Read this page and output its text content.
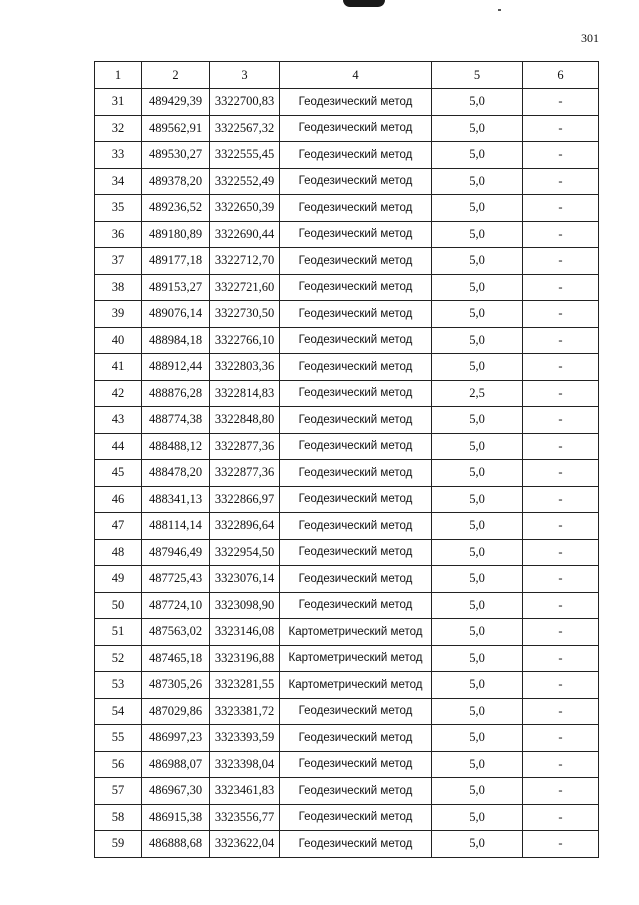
301
1	2	3	4	5	6
31	489429,39	3322700,83	Геодезический метод	5,0	-
32	489562,91	3322567,32	Геодезический метод	5,0	-
33	489530,27	3322555,45	Геодезический метод	5,0	-
34	489378,20	3322552,49	Геодезический метод	5,0	-
35	489236,52	3322650,39	Геодезический метод	5,0	-
36	489180,89	3322690,44	Геодезический метод	5,0	-
37	489177,18	3322712,70	Геодезический метод	5,0	-
38	489153,27	3322721,60	Геодезический метод	5,0	-
39	489076,14	3322730,50	Геодезический метод	5,0	-
40	488984,18	3322766,10	Геодезический метод	5,0	-
41	488912,44	3322803,36	Геодезический метод	5,0	-
42	488876,28	3322814,83	Геодезический метод	2,5	-
43	488774,38	3322848,80	Геодезический метод	5,0	-
44	488488,12	3322877,36	Геодезический метод	5,0	-
45	488478,20	3322877,36	Геодезический метод	5,0	-
46	488341,13	3322866,97	Геодезический метод	5,0	-
47	488114,14	3322896,64	Геодезический метод	5,0	-
48	487946,49	3322954,50	Геодезический метод	5,0	-
49	487725,43	3323076,14	Геодезический метод	5,0	-
50	487724,10	3323098,90	Геодезический метод	5,0	-
51	487563,02	3323146,08	Картометрический метод	5,0	-
52	487465,18	3323196,88	Картометрический метод	5,0	-
53	487305,26	3323281,55	Картометрический метод	5,0	-
54	487029,86	3323381,72	Геодезический метод	5,0	-
55	486997,23	3323393,59	Геодезический метод	5,0	-
56	486988,07	3323398,04	Геодезический метод	5,0	-
57	486967,30	3323461,83	Геодезический метод	5,0	-
58	486915,38	3323556,77	Геодезический метод	5,0	-
59	486888,68	3323622,04	Геодезический метод	5,0	-
